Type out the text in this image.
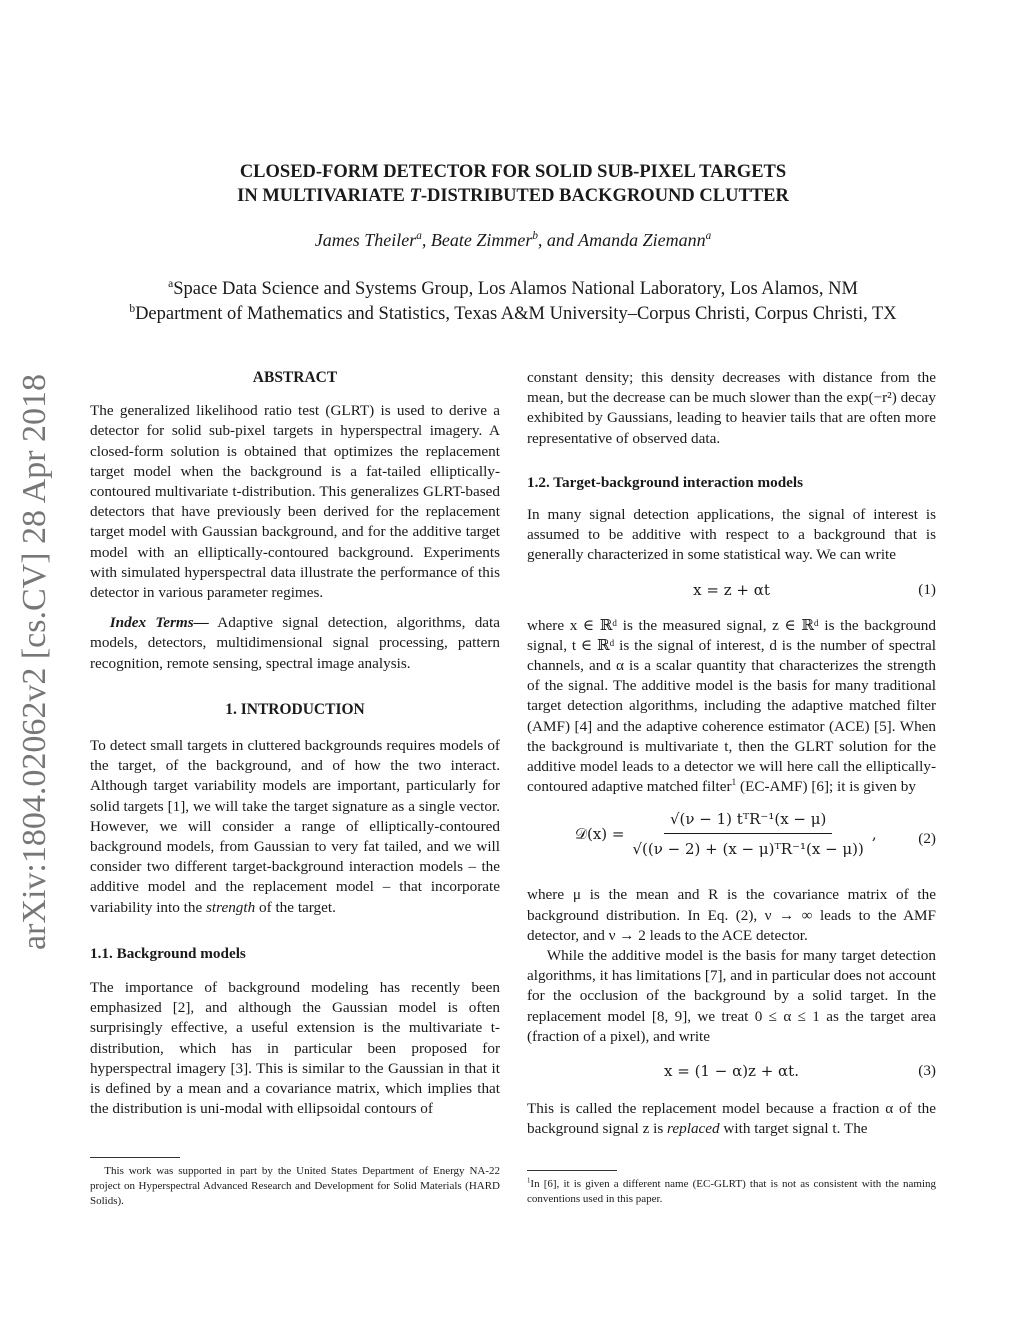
arXiv:1804.02062v2 [cs.CV] 28 Apr 2018
CLOSED-FORM DETECTOR FOR SOLID SUB-PIXEL TARGETS
IN MULTIVARIATE T-DISTRIBUTED BACKGROUND CLUTTER
James Theiler$^a$, Beate Zimmer$^b$, and Amanda Ziemann$^a$
$^a$Space Data Science and Systems Group, Los Alamos National Laboratory, Los Alamos, NM
$^b$Department of Mathematics and Statistics, Texas A&M University–Corpus Christi, Corpus Christi, TX
ABSTRACT

The generalized likelihood ratio test (GLRT) is used to derive a detector for solid sub-pixel targets in hyperspectral imagery. A closed-form solution is obtained that optimizes the replacement target model when the background is a fat-tailed elliptically-contoured multivariate t-distribution. This generalizes GLRT-based detectors that have previously been derived for the replacement target model with Gaussian background, and for the additive target model with an elliptically-contoured background. Experiments with simulated hyperspectral data illustrate the performance of this detector in various parameter regimes.

Index Terms— Adaptive signal detection, algorithms, data models, detectors, multidimensional signal processing, pattern recognition, remote sensing, spectral image analysis.

1. INTRODUCTION

To detect small targets in cluttered backgrounds requires models of the target, of the background, and of how the two interact. Although target variability models are important, particularly for solid targets [1], we will take the target signature as a single vector. However, we will consider a range of elliptically-contoured background models, from Gaussian to very fat tailed, and we will consider two different target-background interaction models – the additive model and the replacement model – that incorporate variability into the strength of the target.

1.1. Background models

The importance of background modeling has recently been emphasized [2], and although the Gaussian model is often surprisingly effective, a useful extension is the multivariate t-distribution, which has in particular been proposed for hyperspectral imagery [3]. This is similar to the Gaussian in that it is defined by a mean and a covariance matrix, which implies that the distribution is uni-modal with ellipsoidal contours of

This work was supported in part by the United States Department of Energy NA-22 project on Hyperspectral Advanced Research and Development for Solid Materials (HARD Solids).

constant density; this density decreases with distance from the mean, but the decrease can be much slower than the exp(−r²) decay exhibited by Gaussians, leading to heavier tails that are often more representative of observed data.

1.2. Target-background interaction models

In many signal detection applications, the signal of interest is assumed to be additive with respect to a background that is generally characterized in some statistical way. We can write

x = z + αt	(1)

where x ∈ ℝᵈ is the measured signal, z ∈ ℝᵈ is the background signal, t ∈ ℝᵈ is the signal of interest, d is the number of spectral channels, and α is a scalar quantity that characterizes the strength of the signal. The additive model is the basis for many traditional target detection algorithms, including the adaptive matched filter (AMF) [4] and the adaptive coherence estimator (ACE) [5]. When the background is multivariate t, then the GLRT solution for the additive model leads to a detector we will here call the elliptically-contoured adaptive matched filter$^1$ (EC-AMF) [6]; it is given by

𝒟(x) = $\frac{\text{√(ν − 1) tᵀR⁻¹(x − μ)}}{\text{√((ν − 2) + (x − μ)ᵀR⁻¹(x − μ))}}$ ,	(2)

where μ is the mean and R is the covariance matrix of the background distribution. In Eq. (2), ν → ∞ leads to the AMF detector, and ν → 2 leads to the ACE detector.

While the additive model is the basis for many target detection algorithms, it has limitations [7], and in particular does not account for the occlusion of the background by a solid target. In the replacement model [8, 9], we treat 0 ≤ α ≤ 1 as the target area (fraction of a pixel), and write

x = (1 − α)z + αt.	(3)

This is called the replacement model because a fraction α of the background signal z is replaced with target signal t. The

$^1$In [6], it is given a different name (EC-GLRT) that is not as consistent with the naming conventions used in this paper.
